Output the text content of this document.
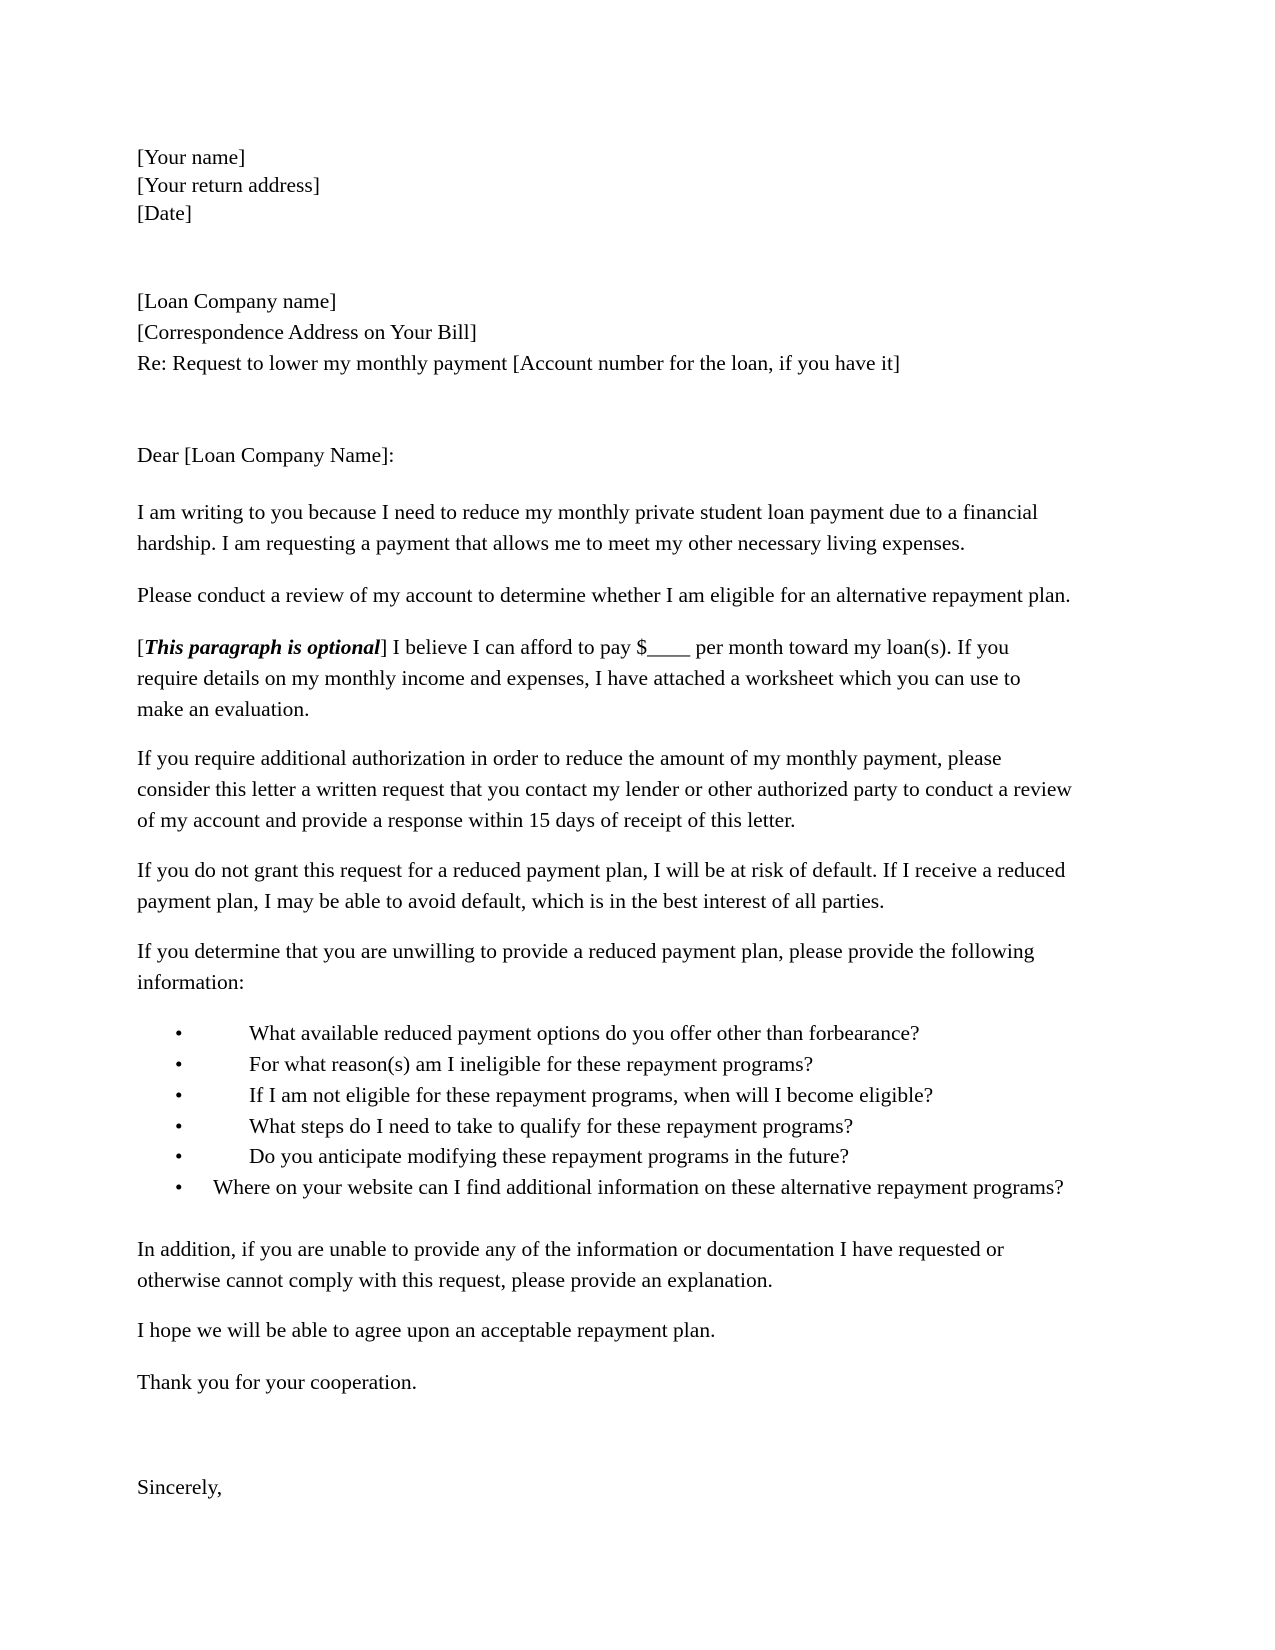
[Your name]
[Your return address]
[Date]
[Loan Company name]
[Correspondence Address on Your Bill]
Re: Request to lower my monthly payment [Account number for the loan, if you have it]
Dear [Loan Company Name]:
I am writing to you because I need to reduce my monthly private student loan payment due to a financial
hardship. I am requesting a payment that allows me to meet my other necessary living expenses.
Please conduct a review of my account to determine whether I am eligible for an alternative repayment plan.
[This paragraph is optional] I believe I can afford to pay $____ per month toward my loan(s). If you
require details on my monthly income and expenses, I have attached a worksheet which you can use to
make an evaluation.
If you require additional authorization in order to reduce the amount of my monthly payment, please
consider this letter a written request that you contact my lender or other authorized party to conduct a review
of my account and provide a response within 15 days of receipt of this letter.
If you do not grant this request for a reduced payment plan, I will be at risk of default. If I receive a reduced
payment plan, I may be able to avoid default, which is in the best interest of all parties.
If you determine that you are unwilling to provide a reduced payment plan, please provide the following
information:
•	What available reduced payment options do you offer other than forbearance?
•	For what reason(s) am I ineligible for these repayment programs?
•	If I am not eligible for these repayment programs, when will I become eligible?
•	What steps do I need to take to qualify for these repayment programs?
•	Do you anticipate modifying these repayment programs in the future?
• Where on your website can I find additional information on these alternative repayment programs?
In addition, if you are unable to provide any of the information or documentation I have requested or
otherwise cannot comply with this request, please provide an explanation.
I hope we will be able to agree upon an acceptable repayment plan.
Thank you for your cooperation.
Sincerely,
